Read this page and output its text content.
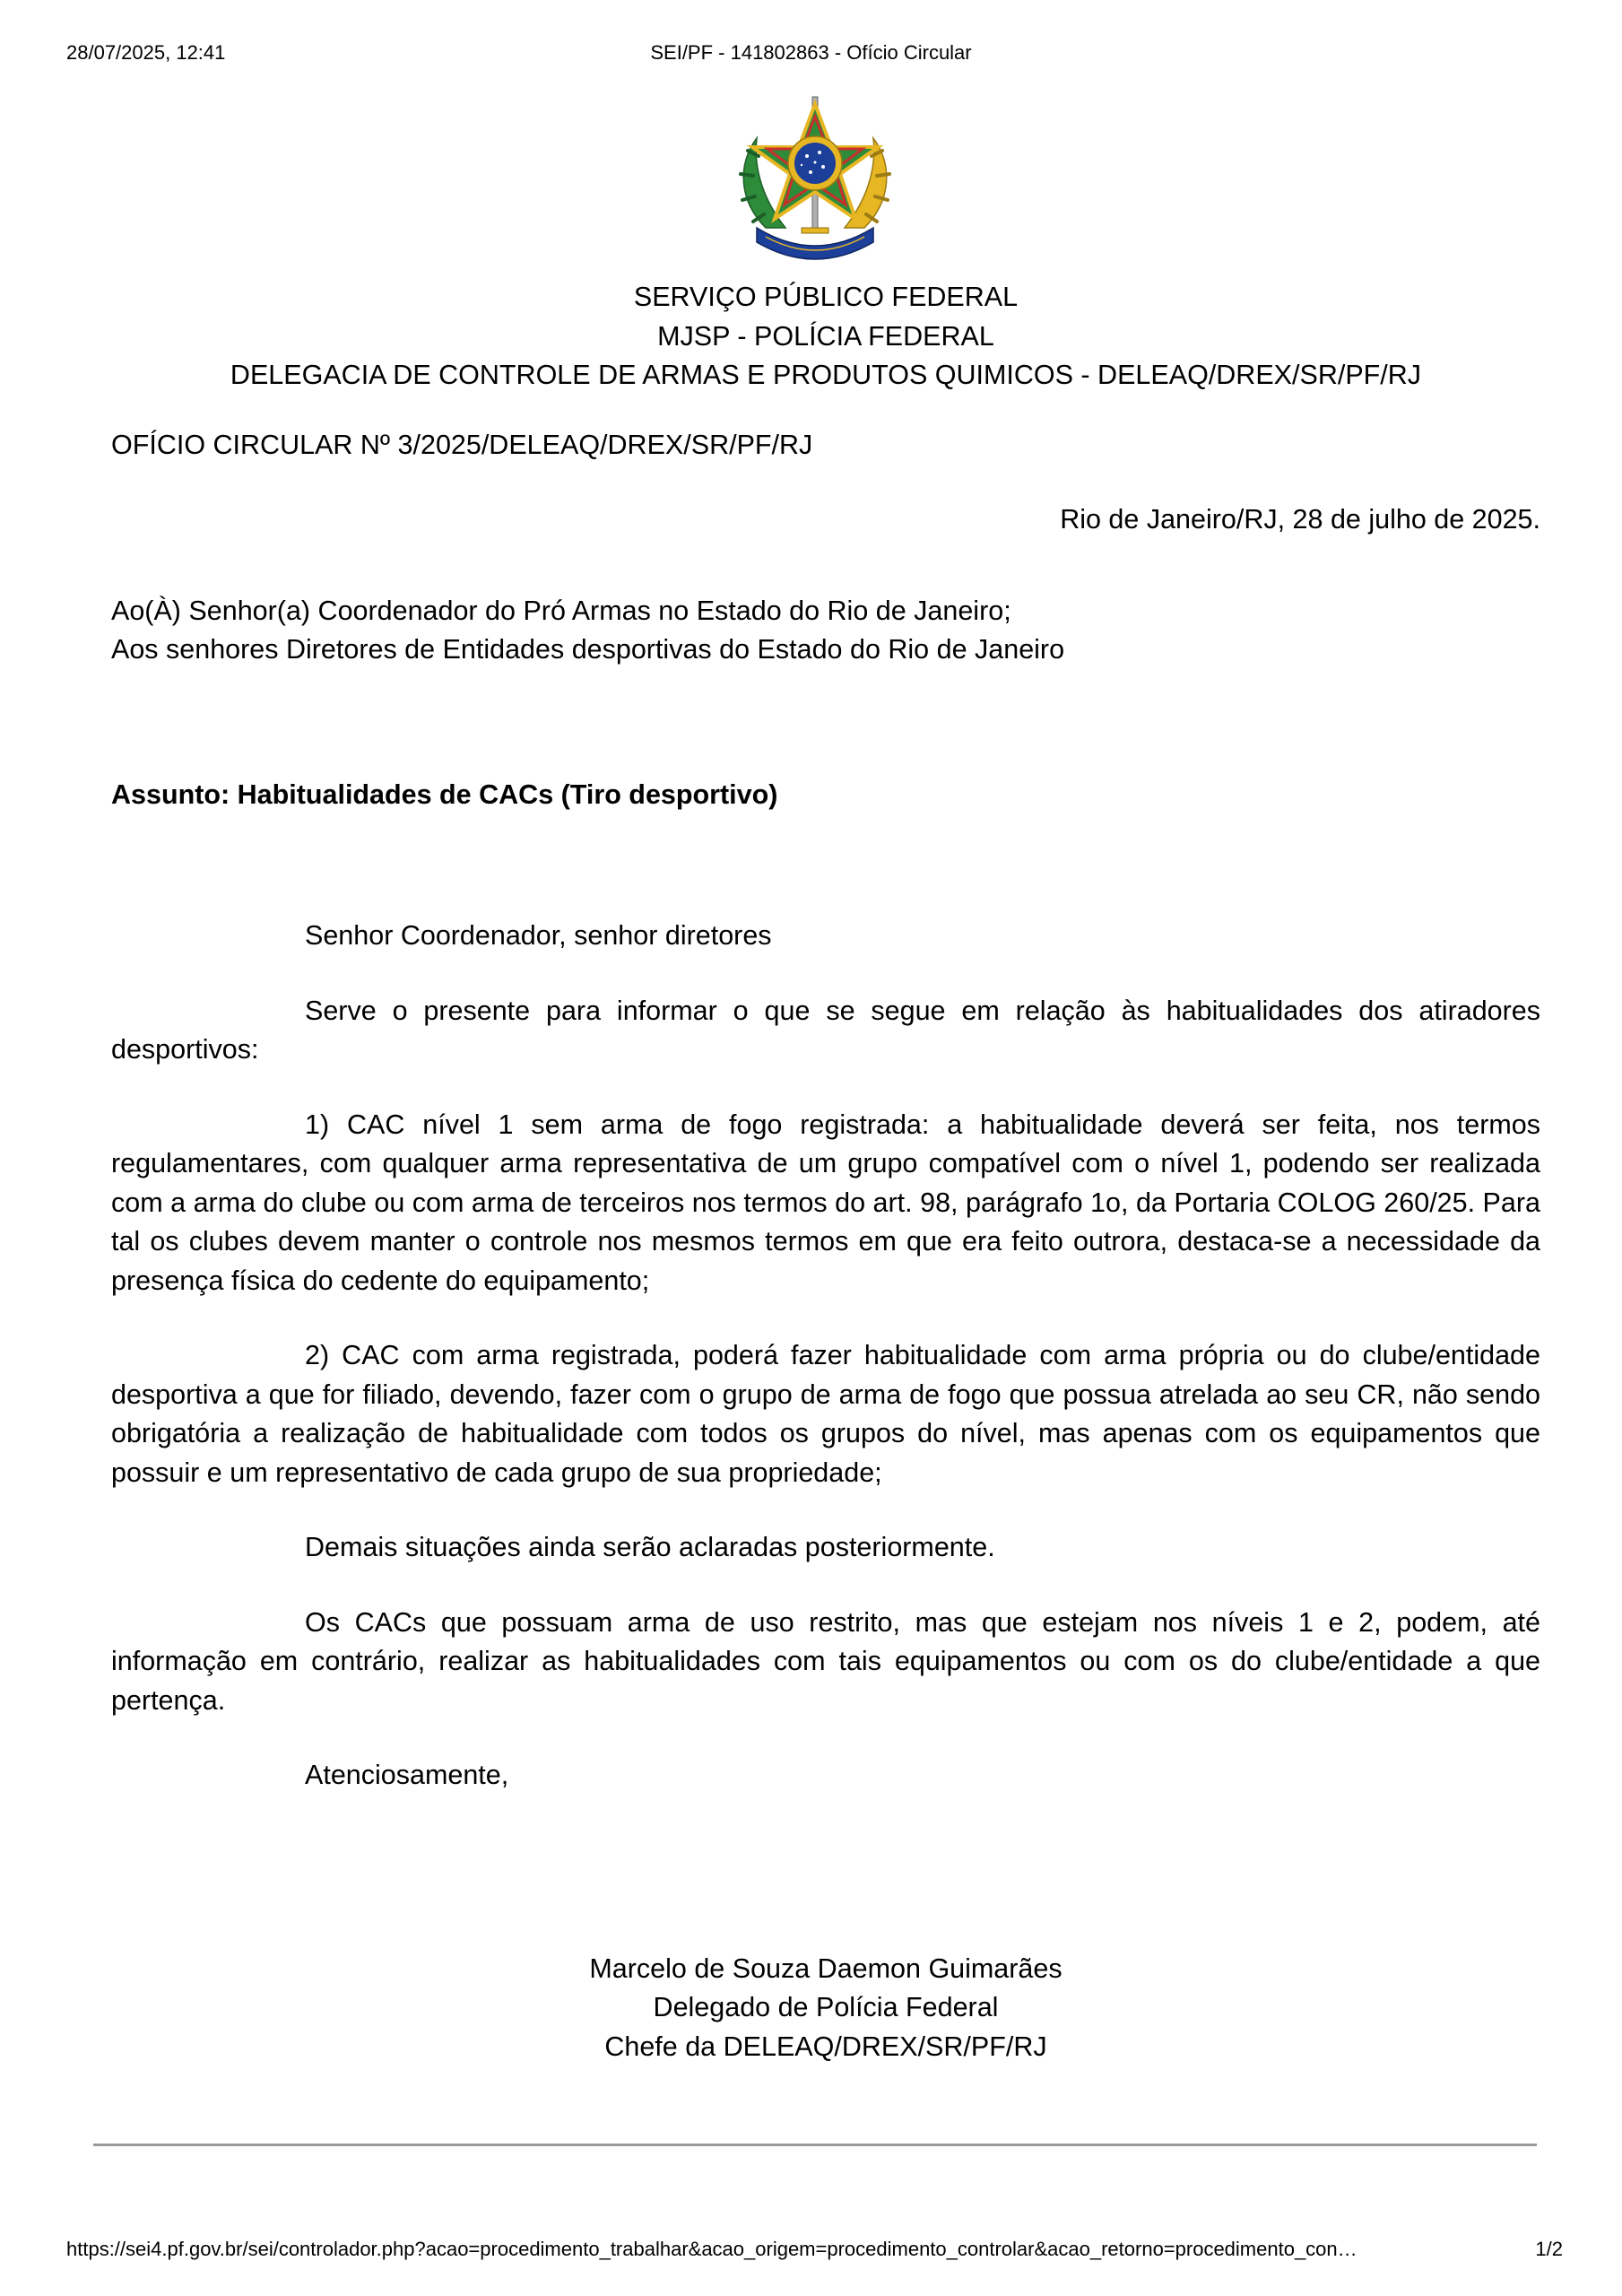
28/07/2025, 12:41	SEI/PF - 141802863 - Ofício Circular
SERVIÇO PÚBLICO FEDERAL
MJSP - POLÍCIA FEDERAL
DELEGACIA DE CONTROLE DE ARMAS E PRODUTOS QUIMICOS - DELEAQ/DREX/SR/PF/RJ
OFÍCIO CIRCULAR Nº 3/2025/DELEAQ/DREX/SR/PF/RJ
Rio de Janeiro/RJ, 28 de julho de 2025.
Ao(À) Senhor(a) Coordenador do Pró Armas no Estado do Rio de Janeiro;
Aos senhores Diretores de Entidades desportivas do Estado do Rio de Janeiro
Assunto: Habitualidades de CACs (Tiro desportivo)
Senhor Coordenador, senhor diretores
Serve o presente para informar o que se segue em relação às habitualidades dos atiradores desportivos:
1) CAC nível 1 sem arma de fogo registrada: a habitualidade deverá ser feita, nos termos regulamentares, com qualquer arma representativa de um grupo compatível com o nível 1, podendo ser realizada com a arma do clube ou com arma de terceiros nos termos do art. 98, parágrafo 1o, da Portaria COLOG 260/25. Para tal os clubes devem manter o controle nos mesmos termos em que era feito outrora, destaca-se a necessidade da presença física do cedente do equipamento;
2) CAC com arma registrada, poderá fazer habitualidade com arma própria ou do clube/entidade desportiva a que for filiado, devendo, fazer com o grupo de arma de fogo que possua atrelada ao seu CR, não sendo obrigatória a realização de habitualidade com todos os grupos do nível, mas apenas com os equipamentos que possuir e um representativo de cada grupo de sua propriedade;
Demais situações ainda serão aclaradas posteriormente.
Os CACs que possuam arma de uso restrito, mas que estejam nos níveis 1 e 2, podem, até informação em contrário, realizar as habitualidades com tais equipamentos ou com os do clube/entidade a que pertença.
Atenciosamente,
Marcelo de Souza Daemon Guimarães
Delegado de Polícia Federal
Chefe da DELEAQ/DREX/SR/PF/RJ
https://sei4.pf.gov.br/sei/controlador.php?acao=procedimento_trabalhar&acao_origem=procedimento_controlar&acao_retorno=procedimento_con…	1/2
